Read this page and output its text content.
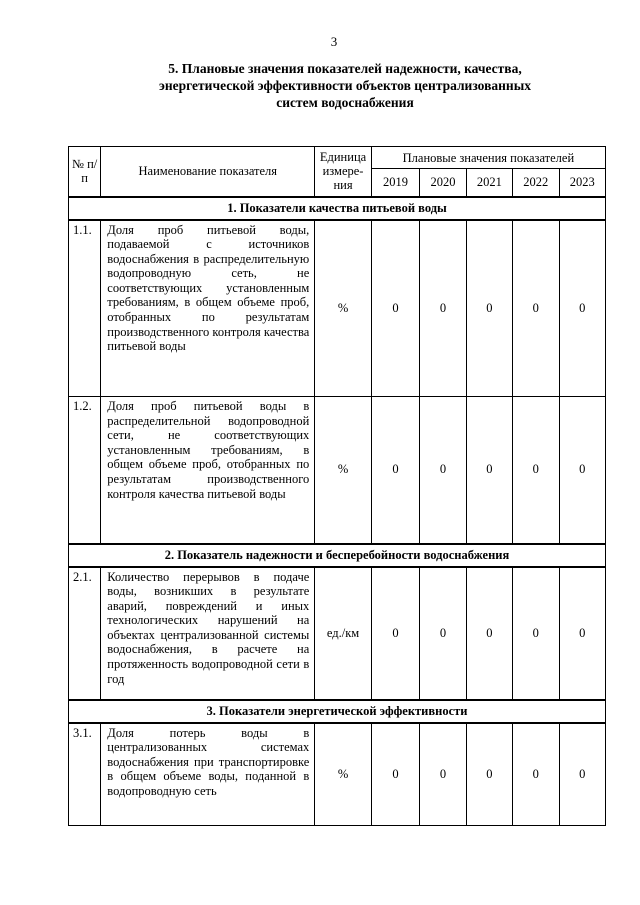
3
5. Плановые значения показателей надежности, качества,
энергетической эффективности объектов централизованных
систем водоснабжения
№ п/п	Наименование показателя	Единица измере- ния	Плановые значения показателей				
			2019	2020	2021	2022	2023
1. Показатели качества питьевой воды							
1.1.	Доля проб питьевой воды, подаваемой с источников водоснабжения в распределительную водопроводную сеть, не соответствующих установленным требованиям, в общем объеме проб, отобранных по результатам производственного контроля качества питьевой воды	%	0	0	0	0	0
1.2.	Доля проб питьевой воды в распределительной водопроводной сети, не соответствующих установленным требованиям, в общем объеме проб, отобранных по результатам производственного контроля качества питьевой воды	%	0	0	0	0	0
2. Показатель надежности и бесперебойности водоснабжения							
2.1.	Количество перерывов в подаче воды, возникших в результате аварий, повреждений и иных технологических нарушений на объектах централизованной системы водоснабжения, в расчете на протяженность водопроводной сети в год	ед./км	0	0	0	0	0
3. Показатели энергетической эффективности							
3.1.	Доля потерь воды в централизованных системах водоснабжения при транспортировке в общем объеме воды, поданной в водопроводную сеть	%	0	0	0	0	0
